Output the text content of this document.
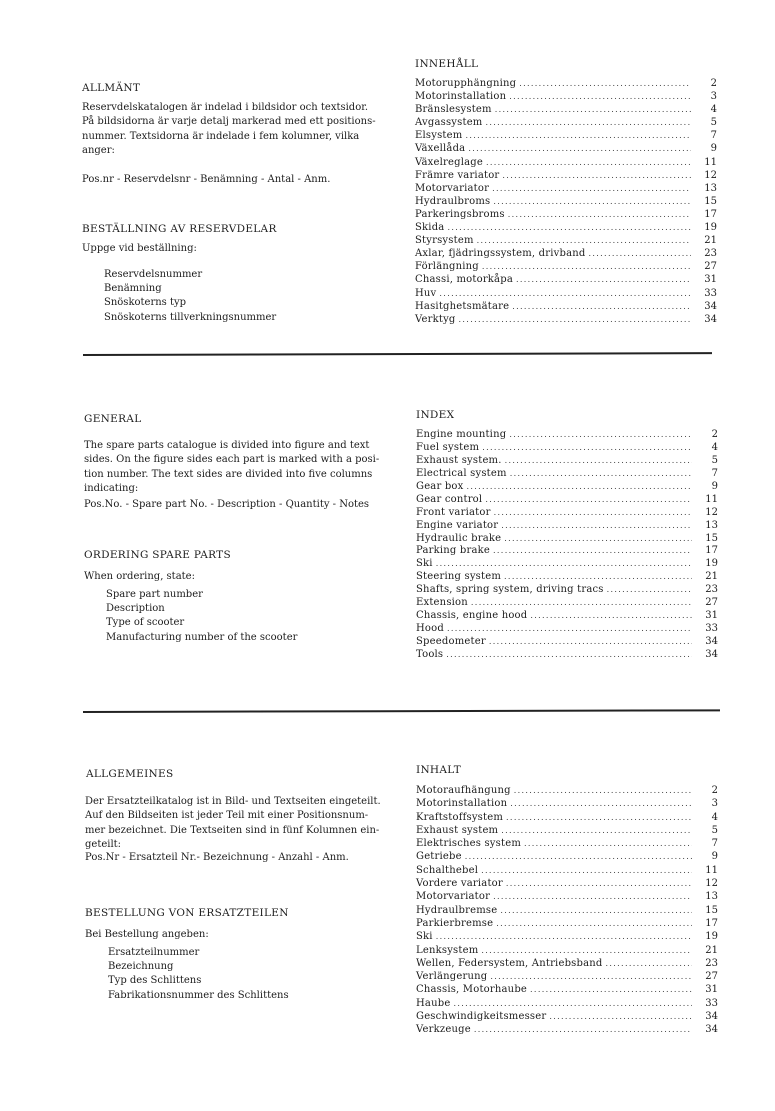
ALLMÄNT
Reservdelskatalogen är indelad i bildsidor och textsidor.
På bildsidorna är varje detalj markerad med ett positions-
nummer. Textsidorna är indelade i fem kolumner, vilka
anger:
Pos.nr - Reservdelsnr - Benämning - Antal - Anm.
BESTÄLLNING AV RESERVDELAR
Uppge vid beställning:
Reservdelsnummer
Benämning
Snöskoterns typ
Snöskoterns tillverkningsnummer
INNEHÅLL
Motorupphängning . . .	2
Motorinstallation . . .	3
Bränslesystem . . .	4
Avgassystem . . .	5
Elsystem . . .	7
Växellåda . . .	9
Växelreglage . . .	11
Främre variator . . .	12
Motorvariator . . .	13
Hydraulbroms . . .	15
Parkeringsbroms . . .	17
Skida . . .	19
Styrsystem . . .	21
Axlar, fjädringssystem, drivband . . .	23
Förlängning . . .	27
Chassi, motorkåpa . . .	31
Huv . . .	33
Hasitghetsmätare . . .	34
Verktyg . . .	34
GENERAL
The spare parts catalogue is divided into figure and text
sides. On the figure sides each part is marked with a posi-
tion number. The text sides are divided into five columns
indicating:
Pos.No. - Spare part No. - Description - Quantity - Notes
ORDERING SPARE PARTS
When ordering, state:
Spare part number
Description
Type of scooter
Manufacturing number of the scooter
INDEX
Engine mounting . . .	2
Fuel system . . .	4
Exhaust system. . . .	5
Electrical system . . .	7
Gear box . . .	9
Gear control . . .	11
Front variator . . .	12
Engine variator . . .	13
Hydraulic brake . . .	15
Parking brake . . .	17
Ski . . .	19
Steering system . . .	21
Shafts, spring system, driving tracs . . .	23
Extension . . .	27
Chassis, engine hood . . .	31
Hood . . .	33
Speedometer . . .	34
Tools . . .	34
ALLGEMEINES
Der Ersatzteilkatalog ist in Bild- und Textseiten eingeteilt.
Auf den Bildseiten ist jeder Teil mit einer Positionsnum-
mer bezeichnet. Die Textseiten sind in fünf Kolumnen ein-
geteilt:
Pos.Nr - Ersatzteil Nr.- Bezeichnung - Anzahl - Anm.
BESTELLUNG VON ERSATZTEILEN
Bei Bestellung angeben:
Ersatzteilnummer
Bezeichnung
Typ des Schlittens
Fabrikationsnummer des Schlittens
INHALT
Motoraufhängung . . .	2
Motorinstallation . . .	3
Kraftstoffsystem . . .	4
Exhaust system . . .	5
Elektrisches system . . .	7
Getriebe . . .	9
Schalthebel . . .	11
Vordere variator . . .	12
Motorvariator . . .	13
Hydraulbremse . . .	15
Parkierbremse . . .	17
Ski . . .	19
Lenksystem . . .	21
Wellen, Federsystem, Antriebsband . . .	23
Verlängerung . . .	27
Chassis, Motorhaube . . .	31
Haube . . .	33
Geschwindigkeitsmesser . . .	34
Verkzeuge . . .	34
